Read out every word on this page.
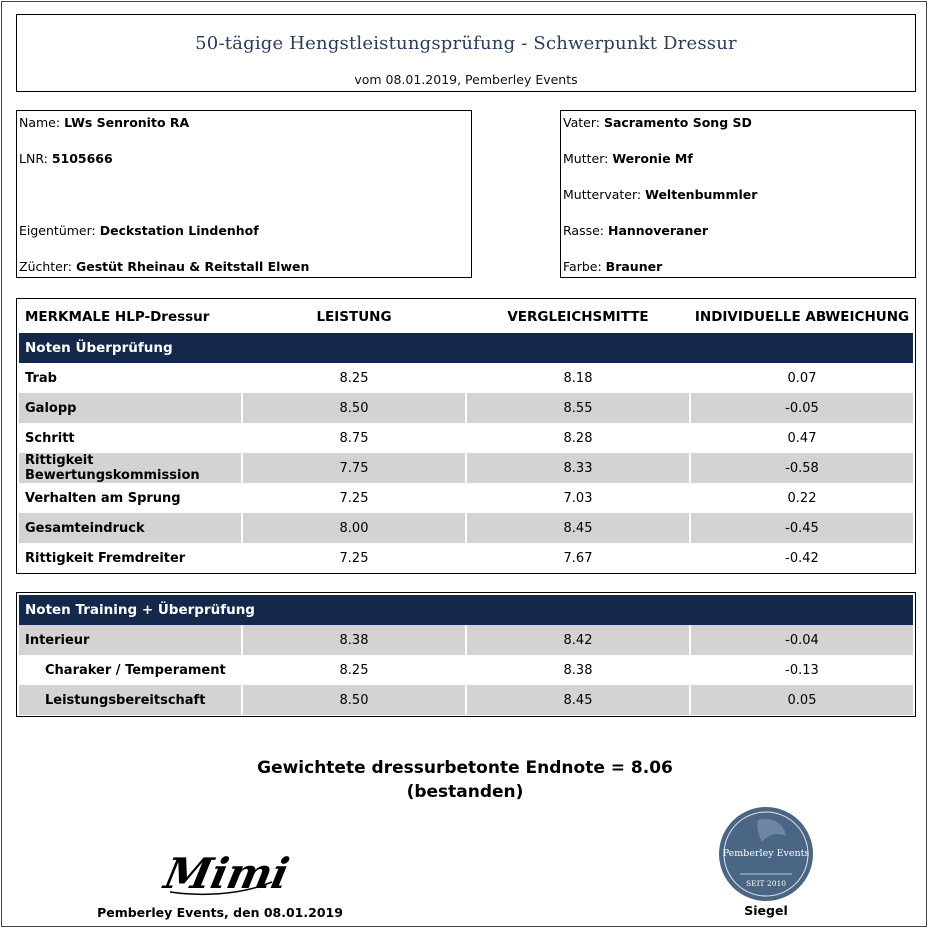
50-tägige Hengstleistungsprüfung - Schwerpunkt Dressur
vom 08.01.2019, Pemberley Events
Name: LWs Senronito RA
LNR: 5105666
Eigentümer: Deckstation Lindenhof
Züchter: Gestüt Rheinau & Reitstall Elwen
Vater: Sacramento Song SD
Mutter: Weronie Mf
Muttervater: Weltenbummler
Rasse: Hannoveraner
Farbe: Brauner
MERKMALE HLP-Dressur	LEISTUNG	VERGLEICHSMITTE	INDIVIDUELLE ABWEICHUNG
Noten Überprüfung			
Trab	8.25	8.18	0.07
Galopp	8.50	8.55	-0.05
Schritt	8.75	8.28	0.47
Rittigkeit Bewertungskommission	7.75	8.33	-0.58
Verhalten am Sprung	7.25	7.03	0.22
Gesamteindruck	8.00	8.45	-0.45
Rittigkeit Fremdreiter	7.25	7.67	-0.42
Noten Training + Überprüfung			
Interieur	8.38	8.42	-0.04
Charaker / Temperament	8.25	8.38	-0.13
Leistungsbereitschaft	8.50	8.45	0.05
Gewichtete dressurbetonte Endnote = 8.06
(bestanden)
Mimi
Pemberley Events, den 08.01.2019
Pemberley Events
SEIT 2010
Siegel
